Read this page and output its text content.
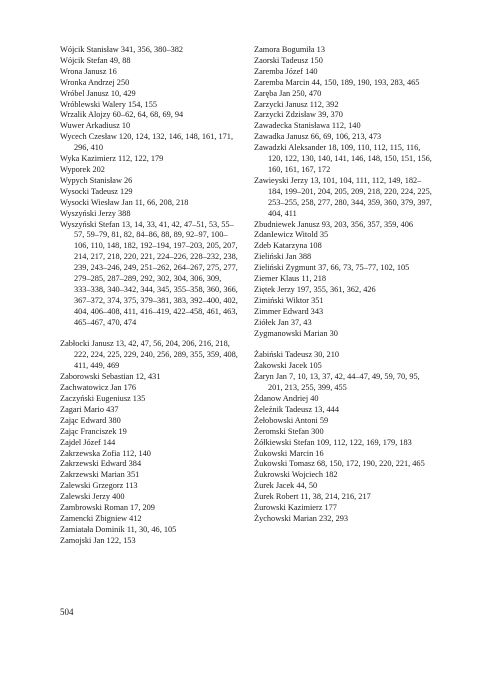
Wójcik Stanisław 341, 356, 380–382

Wójcik Stefan 49, 88

Wrona Janusz 16

Wronka Andrzej 250

Wróbel Janusz 10, 429

Wróblewski Walery 154, 155

Wrzalik Alojzy 60–62, 64, 68, 69, 94

Wuwer Arkadiusz 10

Wycech Czesław 120, 124, 132, 146, 148, 161, 171, 296, 410

Wyka Kazimierz 112, 122, 179

Wyporek 202

Wypych Stanisław 26

Wysocki Tadeusz 129

Wysocki Wiesław Jan 11, 66, 208, 218

Wyszyński Jerzy 388

Wyszyński Stefan 13, 14, 33, 41, 42, 47–51, 53, 55–57, 59–79, 81, 82, 84–86, 88, 89, 92–97, 100–106, 110, 148, 182, 192–194, 197–203, 205, 207, 214, 217, 218, 220, 221, 224–226, 228–232, 238, 239, 243–246, 249, 251–262, 264–267, 275, 277, 279–285, 287–289, 292, 302, 304, 306, 309, 333–338, 340–342, 344, 345, 355–358, 360, 366, 367–372, 374, 375, 379–381, 383, 392–400, 402, 404, 406–408, 411, 416–419, 422–458, 461, 463, 465–467, 470, 474

Zabłocki Janusz 13, 42, 47, 56, 204, 206, 216, 218, 222, 224, 225, 229, 240, 256, 289, 355, 359, 408, 411, 449, 469

Zaborowski Sebastian 12, 431

Zachwatowicz Jan 176

Zaczyński Eugeniusz 135

Zagari Mario 437

Zając Edward 380

Zając Franciszek 19

Zajdel Józef 144

Zakrzewska Zofia 112, 140

Zakrzewski Edward 384

Zakrzewski Marian 351

Zalewski Grzegorz 113

Zalewski Jerzy 400

Zambrowski Roman 17, 209

Zamencki Zbigniew 412

Zamiatała Dominik 11, 30, 46, 105

Zamojski Jan 122, 153

Zamora Bogumiła 13

Zaorski Tadeusz 150

Zaremba Józef 140

Zaremba Marcin 44, 150, 189, 190, 193, 283, 465

Zaręba Jan 250, 470

Zarzycki Janusz 112, 392

Zarzycki Zdzisław 39, 370

Zawadecka Stanisława 112, 140

Zawadka Janusz 66, 69, 106, 213, 473

Zawadzki Aleksander 18, 109, 110, 112, 115, 116, 120, 122, 130, 140, 141, 146, 148, 150, 151, 156, 160, 161, 167, 172

Zawieyski Jerzy 13, 101, 104, 111, 112, 149, 182–184, 199–201, 204, 205, 209, 218, 220, 224, 225, 253–255, 258, 277, 280, 344, 359, 360, 379, 397, 404, 411

Zbudniewek Janusz 93, 203, 356, 357, 359, 406

ZdanIewicz Witold 35

Zdeb Katarzyna 108

Zieliński Jan 388

Zieliński Zygmunt 37, 66, 73, 75–77, 102, 105

Ziemer Klaus 11, 218

Ziętek Jerzy 197, 355, 361, 362, 426

Zimiński Wiktor 351

Zimmer Edward 343

Ziółek Jan 37, 43

Zygmanowski Marian 30

Żabiński Tadeusz 30, 210

Żakowski Jacek 105

Żaryn Jan 7, 10, 13, 37, 42, 44–47, 49, 59, 70, 95, 201, 213, 255, 399, 455

Żdanow Andriej 40

Żeleźnik Tadeusz 13, 444

Żełobowski Antoni 59

Żeromski Stefan 300

Żółkiewski Stefan 109, 112, 122, 169, 179, 183

Żukowski Marcin 16

Żukowski Tomasz 68, 150, 172, 190, 220, 221, 465

Żukrowski Wojciech 182

Żurek Jacek 44, 50

Żurek Robert 11, 38, 214, 216, 217

Żurowski Kazimierz 177

Żychowski Marian 232, 293

504
